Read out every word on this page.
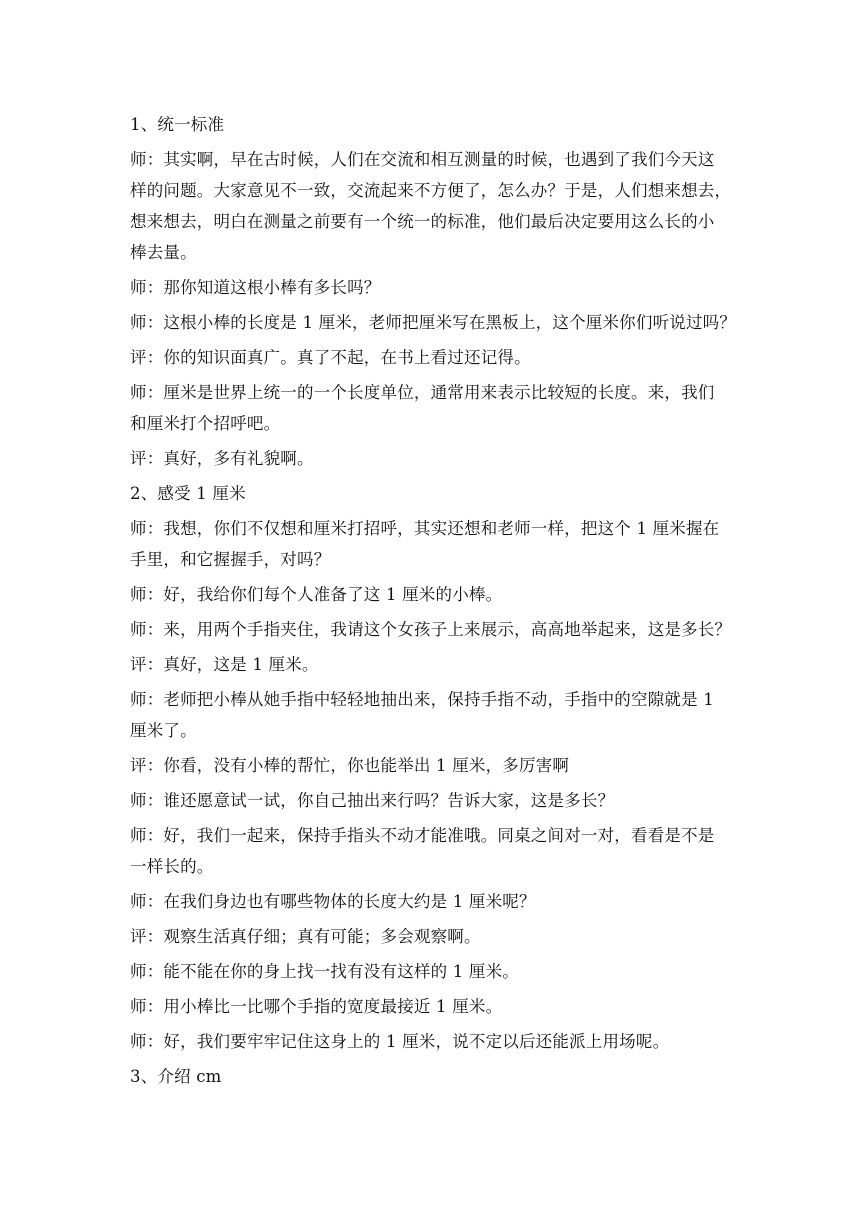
1、统一标准
师：其实啊，早在古时候，人们在交流和相互测量的时候，也遇到了我们今天这
样的问题。大家意见不一致，交流起来不方便了，怎么办？于是，人们想来想去，
想来想去，明白在测量之前要有一个统一的标准，他们最后决定要用这么长的小
棒去量。
师：那你知道这根小棒有多长吗？
师：这根小棒的长度是 1 厘米，老师把厘米写在黑板上，这个厘米你们听说过吗？
评：你的知识面真广。真了不起，在书上看过还记得。
师：厘米是世界上统一的一个长度单位，通常用来表示比较短的长度。来，我们
和厘米打个招呼吧。
评：真好，多有礼貌啊。
2、感受 1 厘米
师：我想，你们不仅想和厘米打招呼，其实还想和老师一样，把这个 1 厘米握在
手里，和它握握手，对吗？
师：好，我给你们每个人准备了这 1 厘米的小棒。
师：来，用两个手指夹住，我请这个女孩子上来展示，高高地举起来，这是多长？
评：真好，这是 1 厘米。
师：老师把小棒从她手指中轻轻地抽出来，保持手指不动，手指中的空隙就是 1
厘米了。
评：你看，没有小棒的帮忙，你也能举出 1 厘米，多厉害啊
师：谁还愿意试一试，你自己抽出来行吗？告诉大家，这是多长？
师：好，我们一起来，保持手指头不动才能准哦。同桌之间对一对，看看是不是
一样长的。
师：在我们身边也有哪些物体的长度大约是 1 厘米呢？
评：观察生活真仔细；真有可能；多会观察啊。
师：能不能在你的身上找一找有没有这样的 1 厘米。
师：用小棒比一比哪个手指的宽度最接近 1 厘米。
师：好，我们要牢牢记住这身上的 1 厘米，说不定以后还能派上用场呢。
3、介绍 cm
